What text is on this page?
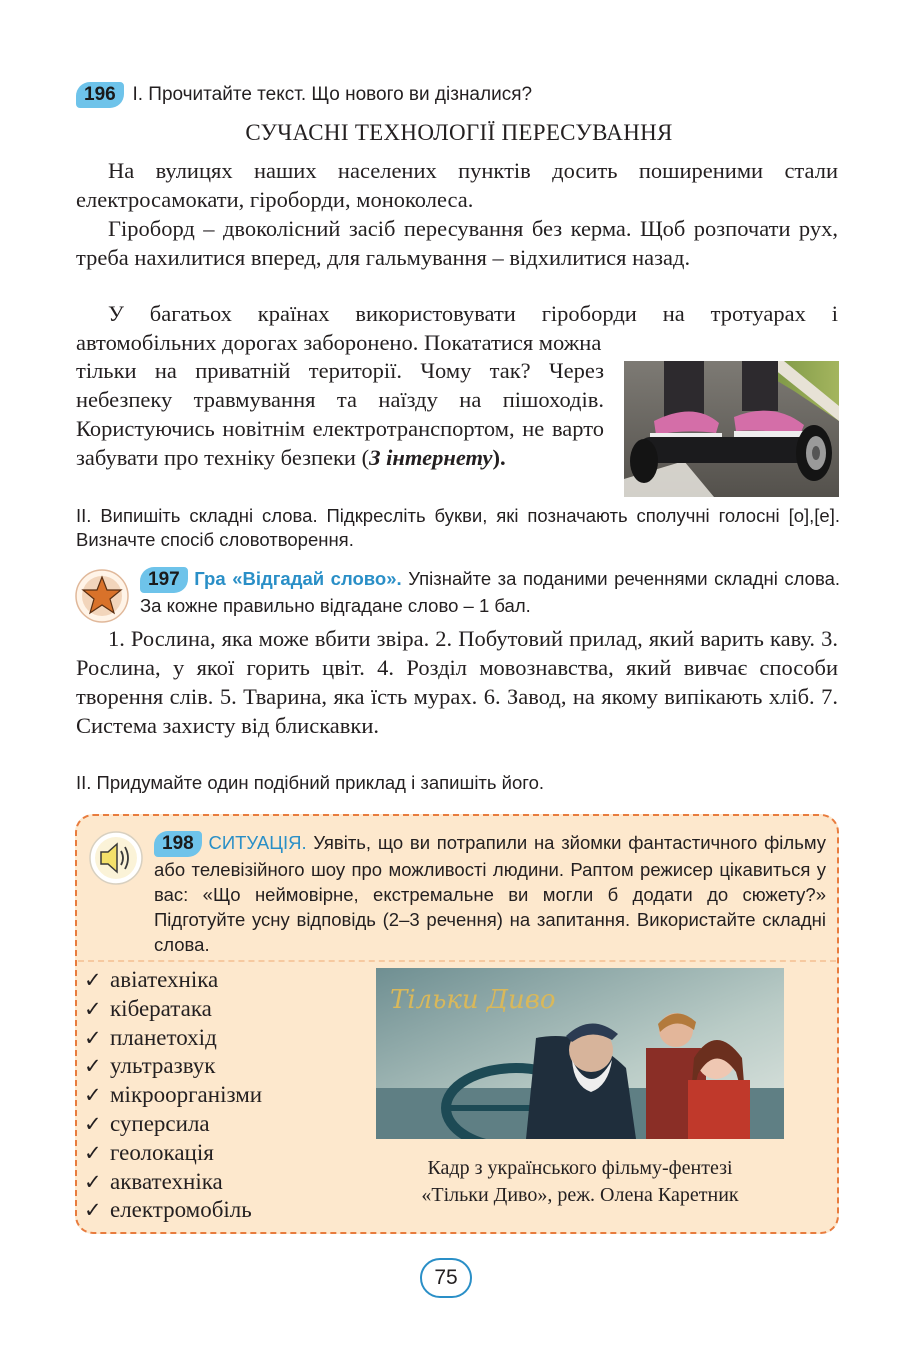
196 І. Прочитайте текст. Що нового ви дізналися?
СУЧАСНІ ТЕХНОЛОГІЇ ПЕРЕСУВАННЯ

На вулицях наших населених пунктів досить поширеними стали електросамокати, гіроборди, моноколеса.

Гіроборд – двоколісний засіб пересування без керма. Щоб розпочати рух, треба нахилитися вперед, для гальмування – відхилитися назад.

У багатьох країнах використовувати гіроборди на тротуарах і автомобільних дорогах заборонено. Покататися можна

тільки на приватній території. Чому так? Через небезпеку травмування та наїзду на пішоходів. Користуючись новітнім електротранспортом, не варто забувати про техніку безпеки (З інтернету).

ІІ. Випишіть складні слова. Підкресліть букви, які позначають сполучні голосні [о],[е]. Визначте спосіб словотворення.
197 Гра «Відгадай слово». Упізнайте за поданими реченнями складні слова. За кожне правильно відгадане слово – 1 бал.

1. Рослина, яка може вбити звіра. 2. Побутовий прилад, який варить каву. 3. Рослина, у якої горить цвіт. 4. Розділ мовознавства, який вивчає способи творення слів. 5. Тварина, яка їсть мурах. 6. Завод, на якому випікають хліб. 7. Система захисту від блискавки.

ІІ. Придумайте один подібний приклад і запишіть його.
198 СИТУАЦІЯ. Уявіть, що ви потрапили на зйомки фантастичного фільму або телевізійного шоу про можливості людини. Раптом режисер цікавиться у вас: «Що неймовірне, екстремальне ви могли б додати до сюжету?» Підготуйте усну відповідь (2–3 речення) на запитання. Використайте складні слова.
✓ авіатехніка
✓ кібератака
✓ планетохід
✓ ультразвук
✓ мікроорганізми
✓ суперсила
✓ геолокація
✓ акватехніка
✓ електромобіль
Тільки Диво
Кадр з українського фільму-фентезі
«Тільки Диво», реж. Олена Каретник
75
